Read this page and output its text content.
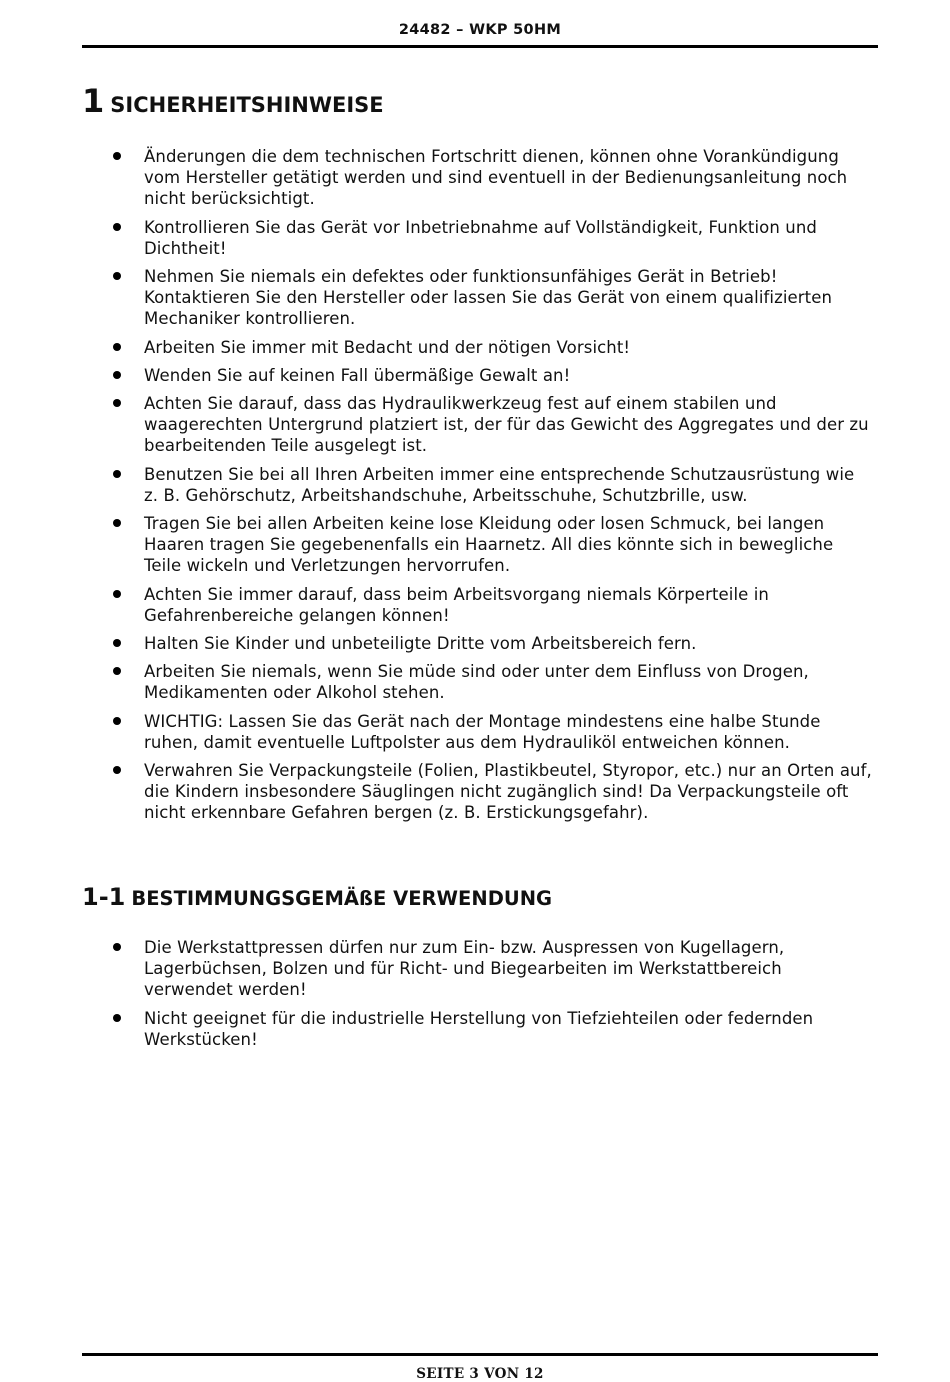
24482 – WKP 50HM
1 SICHERHEITSHINWEISE
Änderungen die dem technischen Fortschritt dienen, können ohne Vorankündigung vom Hersteller getätigt werden und sind eventuell in der Bedienungsanleitung noch nicht berücksichtigt.
Kontrollieren Sie das Gerät vor Inbetriebnahme auf Vollständigkeit, Funktion und Dichtheit!
Nehmen Sie niemals ein defektes oder funktionsunfähiges Gerät in Betrieb! Kontaktieren Sie den Hersteller oder lassen Sie das Gerät von einem qualifizierten Mechaniker kontrollieren.
Arbeiten Sie immer mit Bedacht und der nötigen Vorsicht!
Wenden Sie auf keinen Fall übermäßige Gewalt an!
Achten Sie darauf, dass das Hydraulikwerkzeug fest auf einem stabilen und waagerechten Untergrund platziert ist, der für das Gewicht des Aggregates und der zu bearbeitenden Teile ausgelegt ist.
Benutzen Sie bei all Ihren Arbeiten immer eine entsprechende Schutzausrüstung wie z. B. Gehörschutz, Arbeitshandschuhe, Arbeitsschuhe, Schutzbrille, usw.
Tragen Sie bei allen Arbeiten keine lose Kleidung oder losen Schmuck, bei langen Haaren tragen Sie gegebenenfalls ein Haarnetz. All dies könnte sich in bewegliche Teile wickeln und Verletzungen hervorrufen.
Achten Sie immer darauf, dass beim Arbeitsvorgang niemals Körperteile in Gefahrenbereiche gelangen können!
Halten Sie Kinder und unbeteiligte Dritte vom Arbeitsbereich fern.
Arbeiten Sie niemals, wenn Sie müde sind oder unter dem Einfluss von Drogen, Medikamenten oder Alkohol stehen.
WICHTIG: Lassen Sie das Gerät nach der Montage mindestens eine halbe Stunde ruhen, damit eventuelle Luftpolster aus dem Hydrauliköl entweichen können.
Verwahren Sie Verpackungsteile (Folien, Plastikbeutel, Styropor, etc.) nur an Orten auf, die Kindern insbesondere Säuglingen nicht zugänglich sind! Da Verpackungsteile oft nicht erkennbare Gefahren bergen (z. B. Erstickungsgefahr).
1-1 BESTIMMUNGSGEMÄßE VERWENDUNG
Die Werkstattpressen dürfen nur zum Ein- bzw. Auspressen von Kugellagern, Lagerbüchsen, Bolzen und für Richt- und Biegearbeiten im Werkstattbereich verwendet werden!
Nicht geeignet für die industrielle Herstellung von Tiefziehteilen oder federnden Werkstücken!
SEITE 3 VON 12
